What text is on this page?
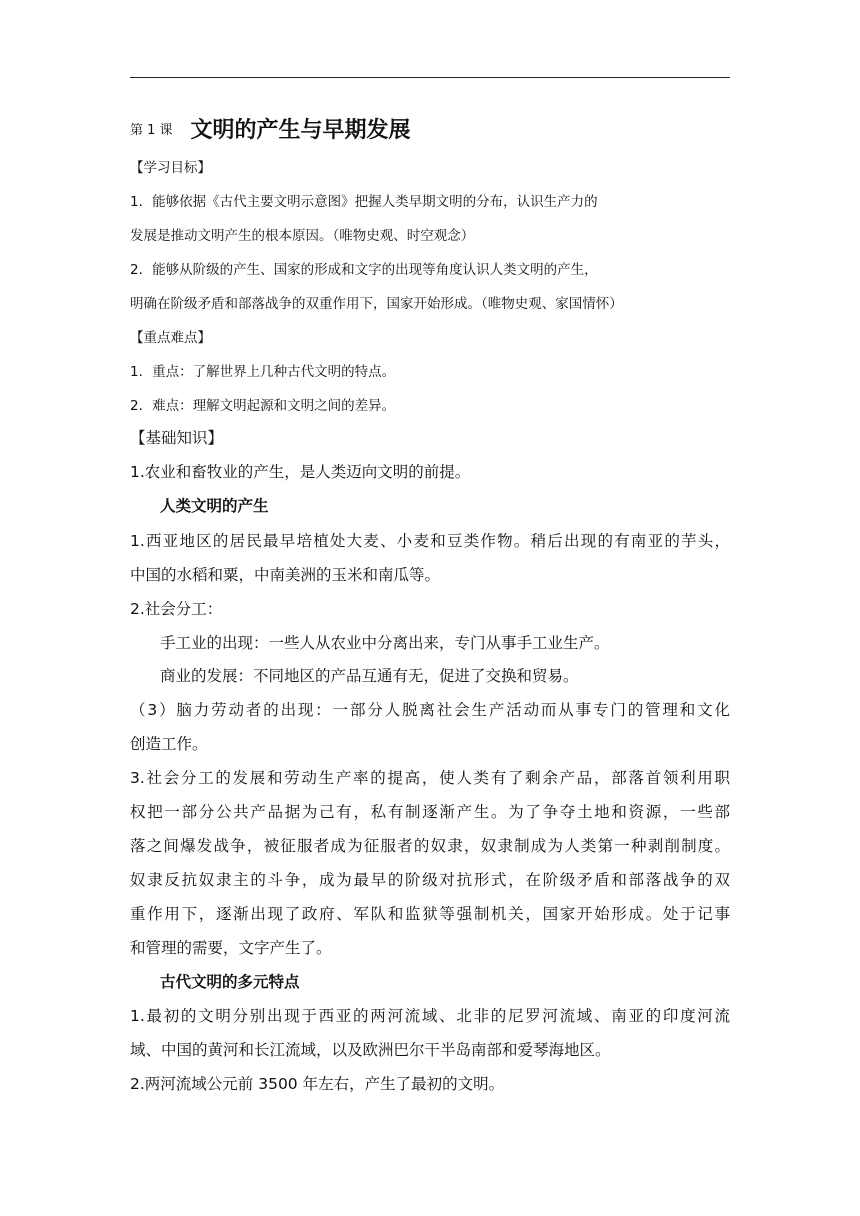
第 1 课 文明的产生与早期发展
【学习目标】
1．能够依据《古代主要文明示意图》把握人类早期文明的分布，认识生产力的
发展是推动文明产生的根本原因。（唯物史观、时空观念）
2．能够从阶级的产生、国家的形成和文字的出现等角度认识人类文明的产生，
明确在阶级矛盾和部落战争的双重作用下，国家开始形成。（唯物史观、家国情怀）
【重点难点】
1．重点：了解世界上几种古代文明的特点。
2．难点：理解文明起源和文明之间的差异。
【基础知识】
1.农业和畜牧业的产生，是人类迈向文明的前提。
人类文明的产生
1.西亚地区的居民最早培植处大麦、小麦和豆类作物。稍后出现的有南亚的芋头，
中国的水稻和粟，中南美洲的玉米和南瓜等。
2.社会分工：
手工业的出现：一些人从农业中分离出来，专门从事手工业生产。
商业的发展：不同地区的产品互通有无，促进了交换和贸易。
（3）脑力劳动者的出现：一部分人脱离社会生产活动而从事专门的管理和文化
创造工作。
3.社会分工的发展和劳动生产率的提高，使人类有了剩余产品，部落首领利用职
权把一部分公共产品据为己有，私有制逐渐产生。为了争夺土地和资源，一些部
落之间爆发战争，被征服者成为征服者的奴隶，奴隶制成为人类第一种剥削制度。
奴隶反抗奴隶主的斗争，成为最早的阶级对抗形式，在阶级矛盾和部落战争的双
重作用下，逐渐出现了政府、军队和监狱等强制机关，国家开始形成。处于记事
和管理的需要，文字产生了。
古代文明的多元特点
1.最初的文明分别出现于西亚的两河流域、北非的尼罗河流域、南亚的印度河流
域、中国的黄河和长江流域，以及欧洲巴尔干半岛南部和爱琴海地区。
2.两河流域公元前 3500 年左右，产生了最初的文明。
